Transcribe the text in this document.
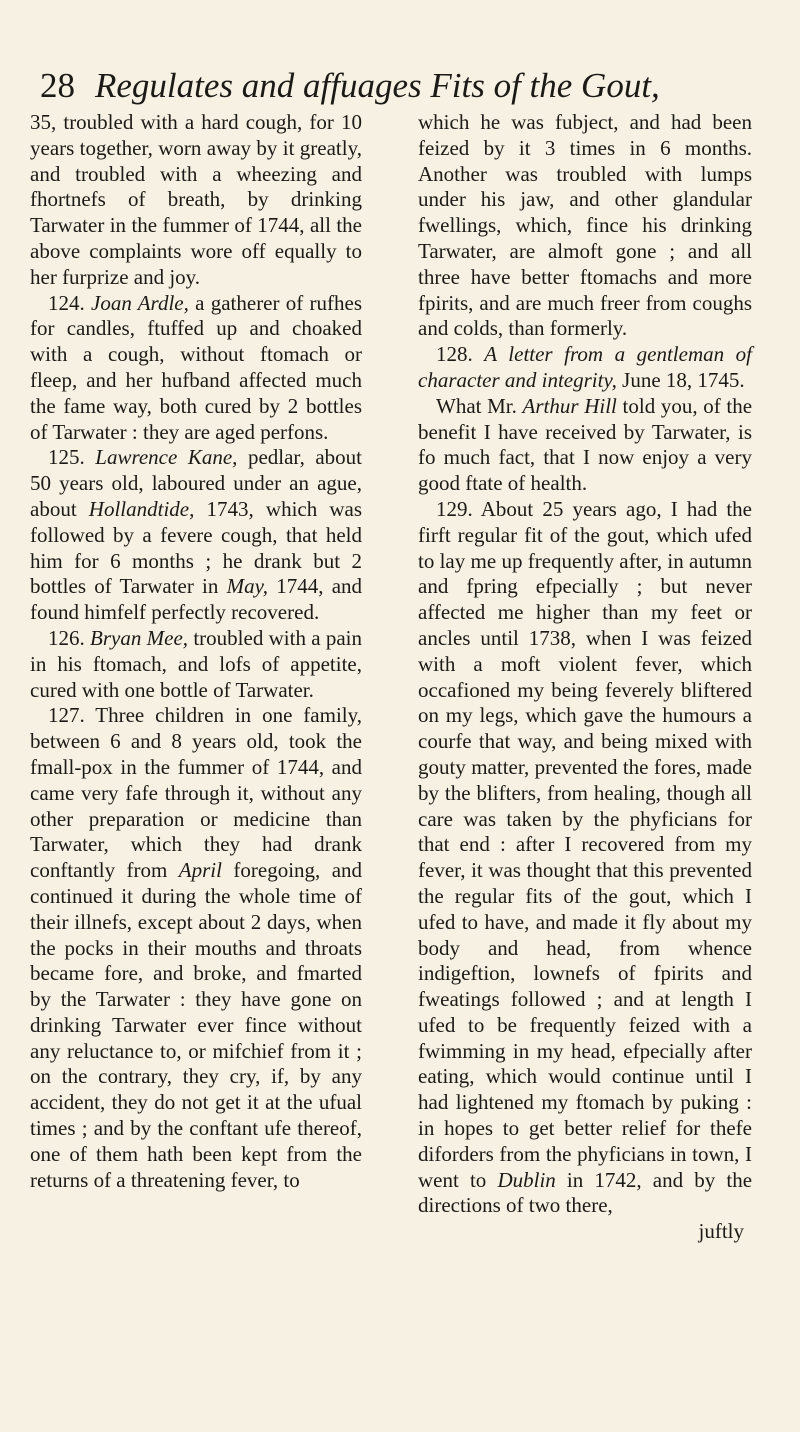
28 Regulates and affuages Fits of the Gout,

35, troubled with a hard cough, for 10 years together, worn away by it greatly, and troubled with a wheezing and fhortnefs of breath, by drinking Tarwater in the fummer of 1744, all the above complaints wore off equally to her furprize and joy.

124. Joan Ardle, a gatherer of rufhes for candles, ftuffed up and choaked with a cough, without ftomach or fleep, and her hufband affected much the fame way, both cured by 2 bottles of Tarwater : they are aged perfons.

125. Lawrence Kane, pedlar, about 50 years old, laboured under an ague, about Hollandtide, 1743, which was followed by a fevere cough, that held him for 6 months ; he drank but 2 bottles of Tarwater in May, 1744, and found himfelf perfectly recovered.

126. Bryan Mee, troubled with a pain in his ftomach, and lofs of appetite, cured with one bottle of Tarwater.

127. Three children in one family, between 6 and 8 years old, took the fmall-pox in the fummer of 1744, and came very fafe through it, without any other preparation or medicine than Tarwater, which they had drank conftantly from April foregoing, and continued it during the whole time of their illnefs, except about 2 days, when the pocks in their mouths and throats became fore, and broke, and fmarted by the Tarwater : they have gone on drinking Tarwater ever fince without any reluctance to, or mifchief from it ; on the contrary, they cry, if, by any accident, they do not get it at the ufual times ; and by the conftant ufe thereof, one of them hath been kept from the returns of a threatening fever, to

which he was fubject, and had been feized by it 3 times in 6 months. Another was troubled with lumps under his jaw, and other glandular fwellings, which, fince his drinking Tarwater, are almoft gone ; and all three have better ftomachs and more fpirits, and are much freer from coughs and colds, than formerly.

128. A letter from a gentleman of character and integrity, June 18, 1745.

What Mr. Arthur Hill told you, of the benefit I have received by Tarwater, is fo much fact, that I now enjoy a very good ftate of health.

129. About 25 years ago, I had the firft regular fit of the gout, which ufed to lay me up frequently after, in autumn and fpring efpecially ; but never affected me higher than my feet or ancles until 1738, when I was feized with a moft violent fever, which occafioned my being feverely bliftered on my legs, which gave the humours a courfe that way, and being mixed with gouty matter, prevented the fores, made by the blifters, from healing, though all care was taken by the phyficians for that end : after I recovered from my fever, it was thought that this prevented the regular fits of the gout, which I ufed to have, and made it fly about my body and head, from whence indigeftion, lownefs of fpirits and fweatings followed ; and at length I ufed to be frequently feized with a fwimming in my head, efpecially after eating, which would continue until I had lightened my ftomach by puking : in hopes to get better relief for thefe diforders from the phyficians in town, I went to Dublin in 1742, and by the directions of two there,

juftly
